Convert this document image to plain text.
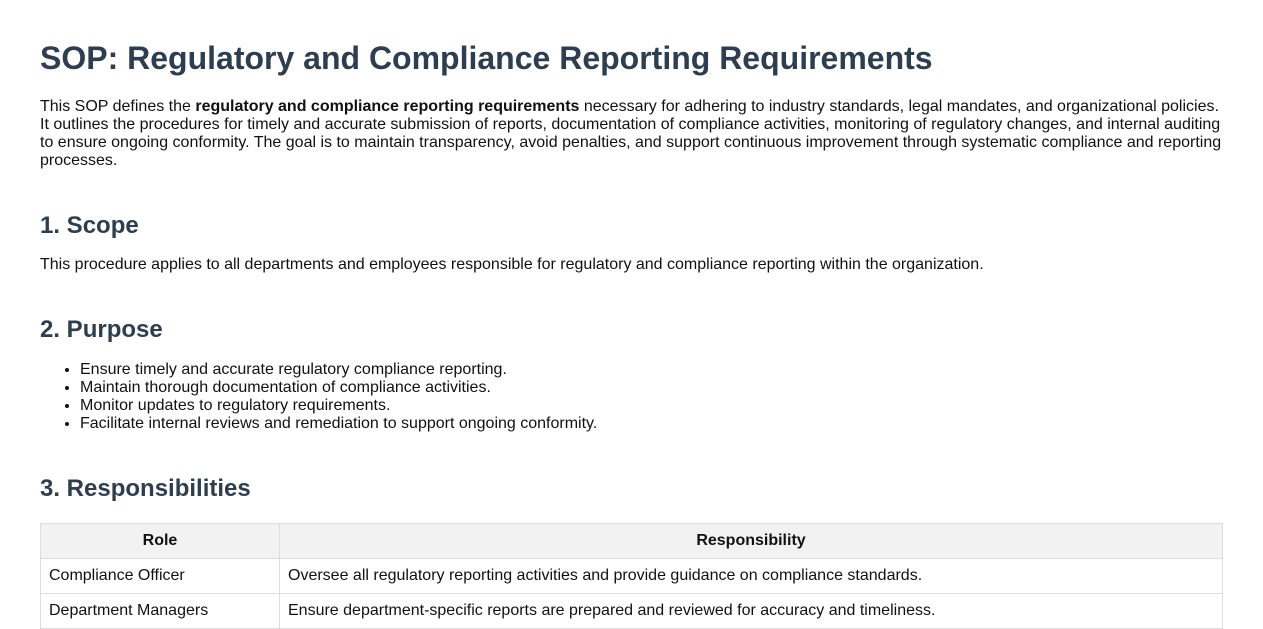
SOP: Regulatory and Compliance Reporting Requirements

This SOP defines the regulatory and compliance reporting requirements necessary for adhering to industry standards, legal mandates, and organizational policies. It outlines the procedures for timely and accurate submission of reports, documentation of compliance activities, monitoring of regulatory changes, and internal auditing to ensure ongoing conformity. The goal is to maintain transparency, avoid penalties, and support continuous improvement through systematic compliance and reporting processes.

1. Scope

This procedure applies to all departments and employees responsible for regulatory and compliance reporting within the organization.

2. Purpose
• Ensure timely and accurate regulatory compliance reporting.
• Maintain thorough documentation of compliance activities.
• Monitor updates to regulatory requirements.
• Facilitate internal reviews and remediation to support ongoing conformity.
3. Responsibilities
Role	Responsibility
Compliance Officer	Oversee all regulatory reporting activities and provide guidance on compliance standards.
Department Managers	Ensure department-specific reports are prepared and reviewed for accuracy and timeliness.
